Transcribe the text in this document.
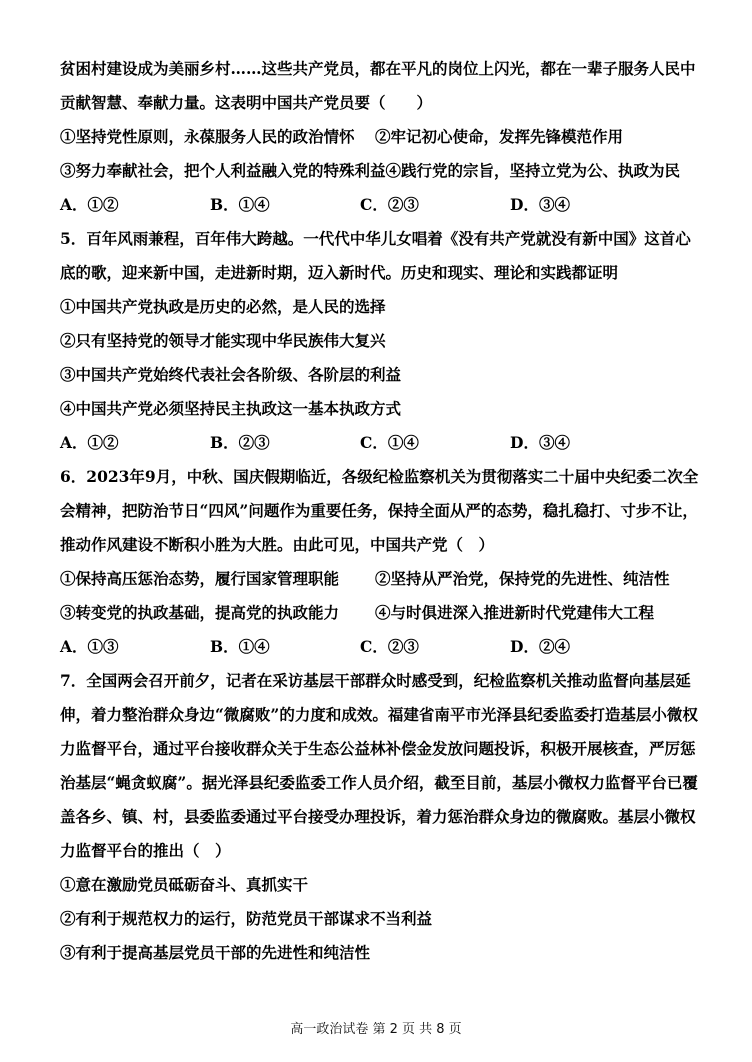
贫困村建设成为美丽乡村……这些共产党员，都在平凡的岗位上闪光，都在一辈子服务人民中
贡献智慧、奉献力量。这表明中国共产党员要（　　）
①坚持党性原则，永葆服务人民的政治情怀	②牢记初心使命，发挥先锋模范作用
③努力奉献社会，把个人利益融入党的特殊利益④践行党的宗旨，坚持立党为公、执政为民
A．①②	B．①④	C．②③	D．③④
5．百年风雨兼程，百年伟大跨越。一代代中华儿女唱着《没有共产党就没有新中国》这首心
底的歌，迎来新中国，走进新时期，迈入新时代。历史和现实、理论和实践都证明
①中国共产党执政是历史的必然，是人民的选择
②只有坚持党的领导才能实现中华民族伟大复兴
③中国共产党始终代表社会各阶级、各阶层的利益
④中国共产党必须坚持民主执政这一基本执政方式
A．①②	B．②③	C．①④	D．③④
6．2023年9月，中秋、国庆假期临近，各级纪检监察机关为贯彻落实二十届中央纪委二次全
会精神，把防治节日“四风”问题作为重要任务，保持全面从严的态势，稳扎稳打、寸步不让，
推动作风建设不断积小胜为大胜。由此可见，中国共产党（　）
①保持高压惩治态势，履行国家管理职能	②坚持从严治党，保持党的先进性、纯洁性
③转变党的执政基础，提高党的执政能力	④与时俱进深入推进新时代党建伟大工程
A．①③	B．①④	C．②③	D．②④
7．全国两会召开前夕，记者在采访基层干部群众时感受到，纪检监察机关推动监督向基层延
伸，着力整治群众身边“微腐败”的力度和成效。福建省南平市光泽县纪委监委打造基层小微权
力监督平台，通过平台接收群众关于生态公益林补偿金发放问题投诉，积极开展核查，严厉惩
治基层“蝇贪蚁腐”。据光泽县纪委监委工作人员介绍，截至目前，基层小微权力监督平台已覆
盖各乡、镇、村，县委监委通过平台接受办理投诉，着力惩治群众身边的微腐败。基层小微权
力监督平台的推出（　）
①意在激励党员砥砺奋斗、真抓实干
②有利于规范权力的运行，防范党员干部谋求不当利益
③有利于提高基层党员干部的先进性和纯洁性
高一政治试卷 第 2 页 共 8 页
